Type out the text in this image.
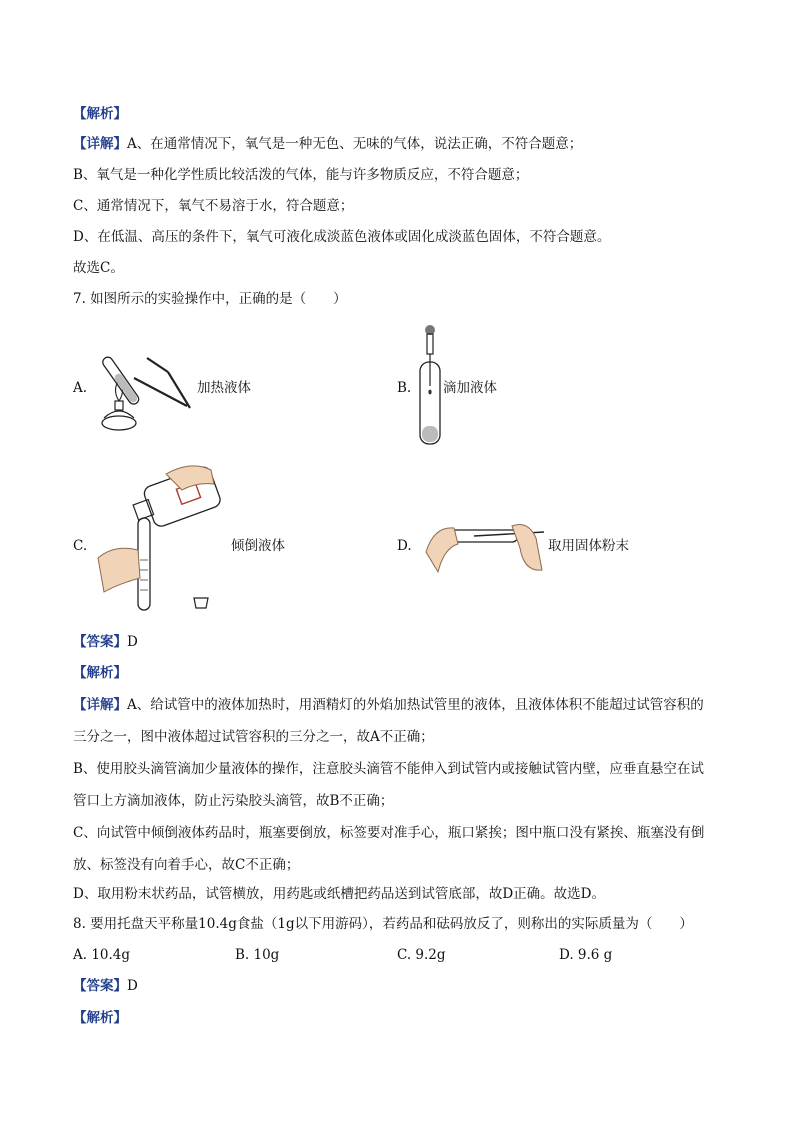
【解析】
【详解】A、在通常情况下，氧气是一种无色、无味的气体，说法正确，不符合题意；
B、氧气是一种化学性质比较活泼的气体，能与许多物质反应，不符合题意；
C、通常情况下，氧气不易溶于水，符合题意；
D、在低温、高压的条件下，氧气可液化成淡蓝色液体或固化成淡蓝色固体，不符合题意。
故选C。
7. 如图所示的实验操作中，正确的是（　　）
A.	加热液体	B. 滴加液体
C.	倾倒液体	D.	取用固体粉末
【答案】D
【解析】
【详解】A、给试管中的液体加热时，用酒精灯的外焰加热试管里的液体，且液体体积不能超过试管容积的
三分之一，图中液体超过试管容积的三分之一，故A不正确；
B、使用胶头滴管滴加少量液体的操作，注意胶头滴管不能伸入到试管内或接触试管内壁，应垂直悬空在试
管口上方滴加液体，防止污染胶头滴管，故B不正确；
C、向试管中倾倒液体药品时，瓶塞要倒放，标签要对准手心，瓶口紧挨；图中瓶口没有紧挨、瓶塞没有倒
放、标签没有向着手心，故C不正确；
D、取用粉末状药品，试管横放，用药匙或纸槽把药品送到试管底部，故D正确。故选D。
8. 要用托盘天平称量10.4g食盐（1g以下用游码），若药品和砝码放反了，则称出的实际质量为（　　）
A. 10.4g	B. 10g	C. 9.2g	D. 9.6 g
【答案】D
【解析】
